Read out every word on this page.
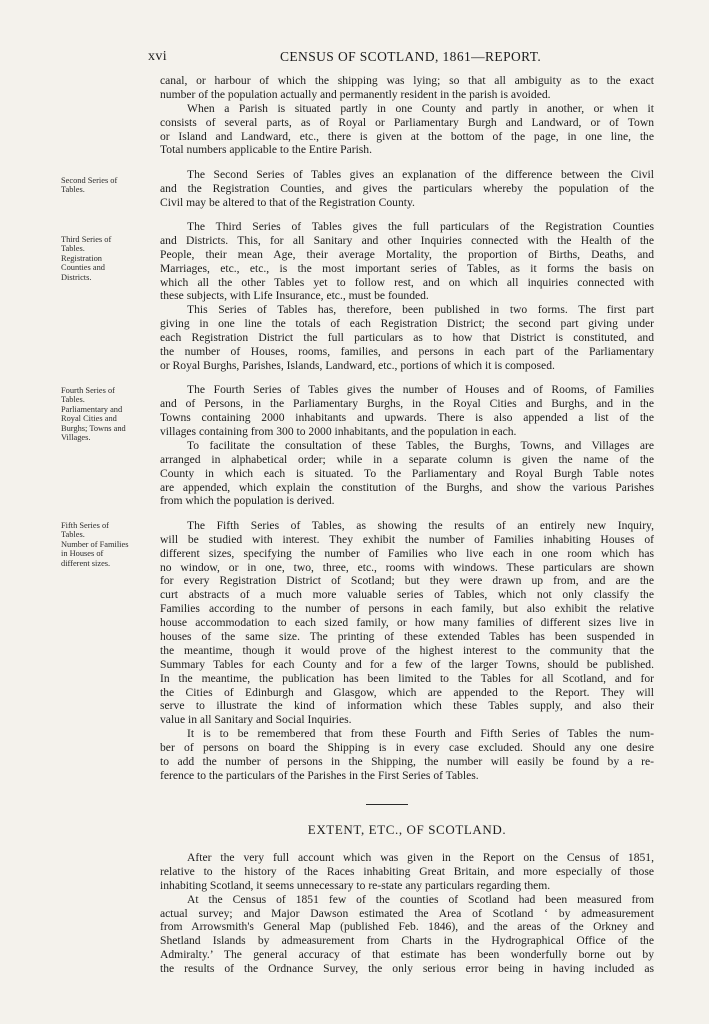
xvi	CENSUS OF SCOTLAND, 1861—REPORT.
Second Series of
Tables.
Third Series of
Tables.
Registration
Counties and
Districts.
Fourth Series of
Tables.
Parliamentary and
Royal Cities and
Burghs; Towns and
Villages.
Fifth Series of
Tables.
Number of Families
in Houses of
different sizes.
canal, or harbour of which the shipping was lying; so that all ambiguity as to the exact
number of the population actually and permanently resident in the parish is avoided.
When a Parish is situated partly in one County and partly in another, or when it
consists of several parts, as of Royal or Parliamentary Burgh and Landward, or of Town
or Island and Landward, etc., there is given at the bottom of the page, in one line, the
Total numbers applicable to the Entire Parish.
The Second Series of Tables gives an explanation of the difference between the Civil
and the Registration Counties, and gives the particulars whereby the population of the
Civil may be altered to that of the Registration County.
The Third Series of Tables gives the full particulars of the Registration Counties
and Districts. This, for all Sanitary and other Inquiries connected with the Health of the
People, their mean Age, their average Mortality, the proportion of Births, Deaths, and
Marriages, etc., etc., is the most important series of Tables, as it forms the basis on
which all the other Tables yet to follow rest, and on which all inquiries connected with
these subjects, with Life Insurance, etc., must be founded.
This Series of Tables has, therefore, been published in two forms. The first part
giving in one line the totals of each Registration District; the second part giving under
each Registration District the full particulars as to how that District is constituted, and
the number of Houses, rooms, families, and persons in each part of the Parliamentary
or Royal Burghs, Parishes, Islands, Landward, etc., portions of which it is composed.
The Fourth Series of Tables gives the number of Houses and of Rooms, of Families
and of Persons, in the Parliamentary Burghs, in the Royal Cities and Burghs, and in the
Towns containing 2000 inhabitants and upwards. There is also appended a list of the
villages containing from 300 to 2000 inhabitants, and the population in each.
To facilitate the consultation of these Tables, the Burghs, Towns, and Villages are
arranged in alphabetical order; while in a separate column is given the name of the
County in which each is situated. To the Parliamentary and Royal Burgh Table notes
are appended, which explain the constitution of the Burghs, and show the various Parishes
from which the population is derived.
The Fifth Series of Tables, as showing the results of an entirely new Inquiry,
will be studied with interest. They exhibit the number of Families inhabiting Houses of
different sizes, specifying the number of Families who live each in one room which has
no window, or in one, two, three, etc., rooms with windows. These particulars are shown
for every Registration District of Scotland; but they were drawn up from, and are the
curt abstracts of a much more valuable series of Tables, which not only classify the
Families according to the number of persons in each family, but also exhibit the relative
house accommodation to each sized family, or how many families of different sizes live in
houses of the same size. The printing of these extended Tables has been suspended in
the meantime, though it would prove of the highest interest to the community that the
Summary Tables for each County and for a few of the larger Towns, should be published.
In the meantime, the publication has been limited to the Tables for all Scotland, and for
the Cities of Edinburgh and Glasgow, which are appended to the Report. They will
serve to illustrate the kind of information which these Tables supply, and also their
value in all Sanitary and Social Inquiries.
It is to be remembered that from these Fourth and Fifth Series of Tables the num-
ber of persons on board the Shipping is in every case excluded. Should any one desire
to add the number of persons in the Shipping, the number will easily be found by a re-
ference to the particulars of the Parishes in the First Series of Tables.
EXTENT, ETC., OF SCOTLAND.
After the very full account which was given in the Report on the Census of 1851,
relative to the history of the Races inhabiting Great Britain, and more especially of those
inhabiting Scotland, it seems unnecessary to re-state any particulars regarding them.
At the Census of 1851 few of the counties of Scotland had been measured from
actual survey; and Major Dawson estimated the Area of Scotland ‘ by admeasurement
from Arrowsmith's General Map (published Feb. 1846), and the areas of the Orkney and
Shetland Islands by admeasurement from Charts in the Hydrographical Office of the
Admiralty.’ The general accuracy of that estimate has been wonderfully borne out by
the results of the Ordnance Survey, the only serious error being in having included as
